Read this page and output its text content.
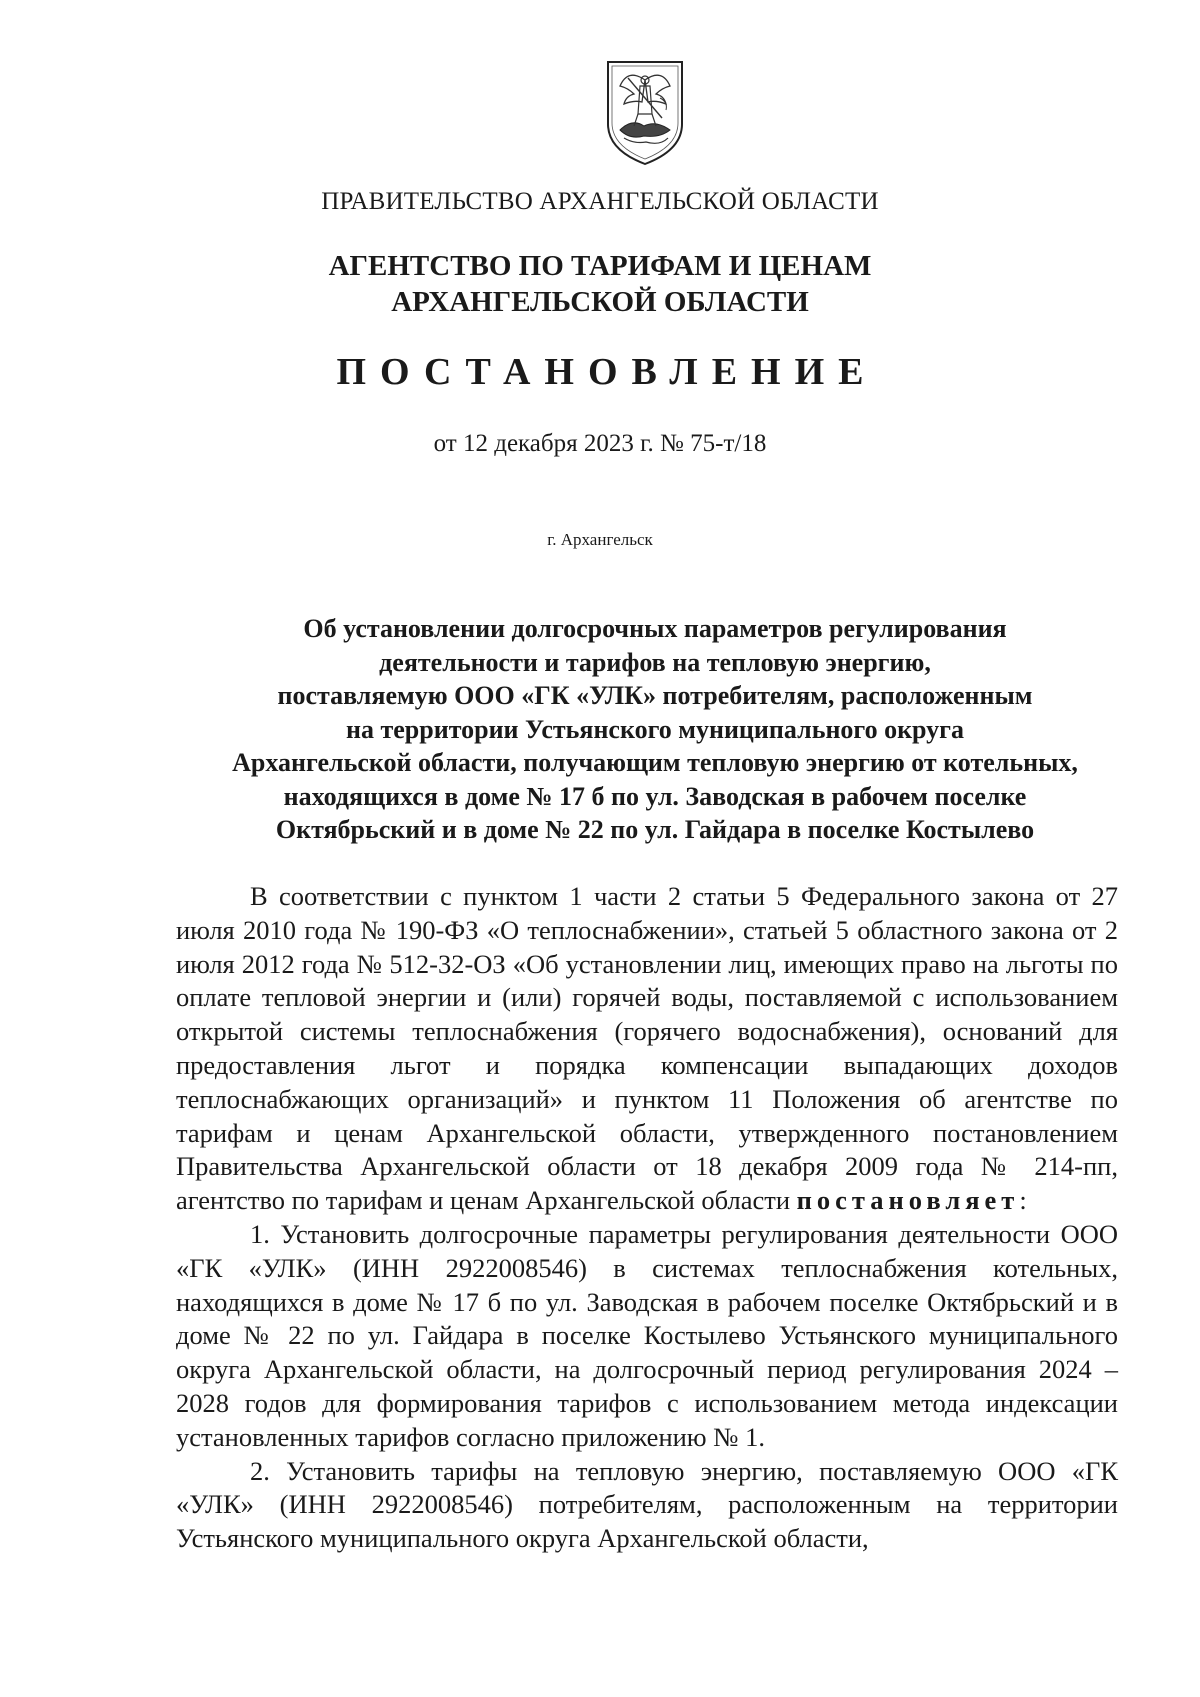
ПРАВИТЕЛЬСТВО АРХАНГЕЛЬСКОЙ ОБЛАСТИ
АГЕНТСТВО ПО ТАРИФАМ И ЦЕНАМ
АРХАНГЕЛЬСКОЙ ОБЛАСТИ
ПОСТАНОВЛЕНИЕ
от 12 декабря 2023 г. № 75-т/18
г. Архангельск
Об установлении долгосрочных параметров регулирования
деятельности и тарифов на тепловую энергию,
поставляемую ООО «ГК «УЛК» потребителям, расположенным
на территории Устьянского муниципального округа
Архангельской области, получающим тепловую энергию от котельных,
находящихся в доме № 17 б по ул. Заводская в рабочем поселке
Октябрьский и в доме № 22 по ул. Гайдара в поселке Костылево

В соответствии с пунктом 1 части 2 статьи 5 Федерального закона от 27 июля 2010 года № 190-ФЗ «О теплоснабжении», статьей 5 областного закона от 2 июля 2012 года № 512-32-ОЗ «Об установлении лиц, имеющих право на льготы по оплате тепловой энергии и (или) горячей воды, поставляемой с использованием открытой системы теплоснабжения (горячего водоснабжения), оснований для предоставления льгот и порядка компенсации выпадающих доходов теплоснабжающих организаций» и пунктом 11 Положения об агентстве по тарифам и ценам Архангельской области, утвержденного постановлением Правительства Архангельской области от 18 декабря 2009 года № 214-пп, агентство по тарифам и ценам Архангельской области постановляет:

1. Установить долгосрочные параметры регулирования деятельности ООО «ГК «УЛК» (ИНН 2922008546) в системах теплоснабжения котельных, находящихся в доме № 17 б по ул. Заводская в рабочем поселке Октябрьский и в доме № 22 по ул. Гайдара в поселке Костылево Устьянского муниципального округа Архангельской области, на долгосрочный период регулирования 2024 – 2028 годов для формирования тарифов с использованием метода индексации установленных тарифов согласно приложению № 1.

2. Установить тарифы на тепловую энергию, поставляемую ООО «ГК «УЛК» (ИНН 2922008546) потребителям, расположенным на территории Устьянского муниципального округа Архангельской области,
